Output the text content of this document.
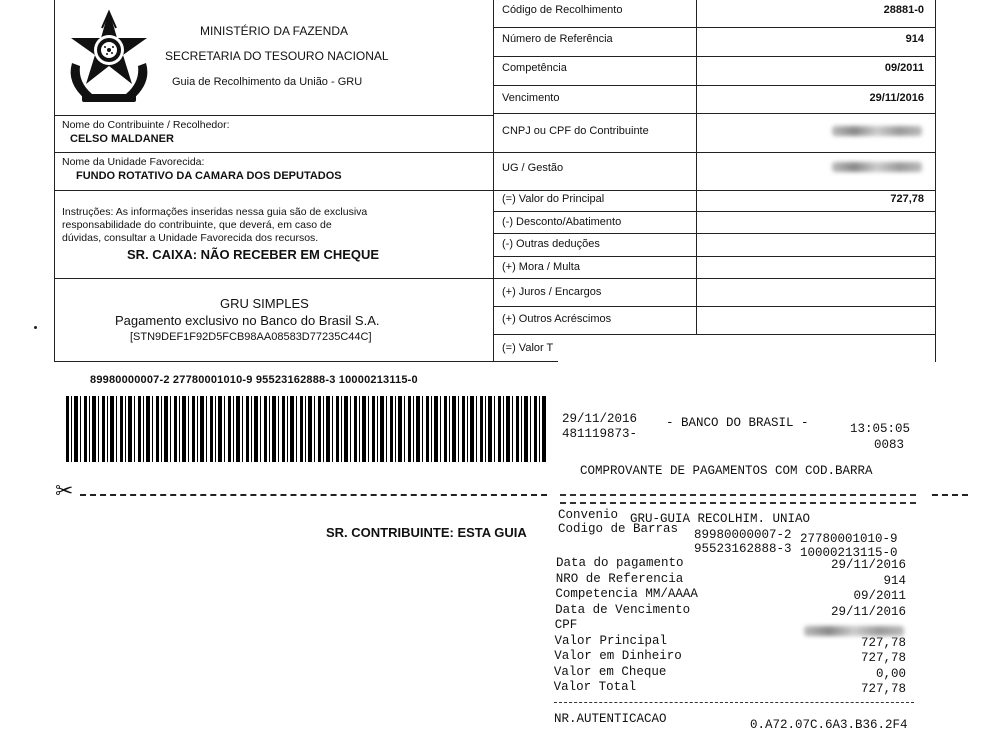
MINISTÉRIO DA FAZENDA
SECRETARIA DO TESOURO NACIONAL
Guia de Recolhimento da União - GRU
Nome do Contribuinte / Recolhedor:
CELSO MALDANER
Nome da Unidade Favorecida:
FUNDO ROTATIVO DA CAMARA DOS DEPUTADOS
Instruções: As informações inseridas nessa guia são de exclusiva
responsabilidade do contribuinte, que deverá, em caso de
dúvidas, consultar a Unidade Favorecida dos recursos.
SR. CAIXA: NÃO RECEBER EM CHEQUE
GRU SIMPLES
Pagamento exclusivo no Banco do Brasil S.A.
[STN9DEF1F92D5FCB98AA08583D77235C44C]
Código de Recolhimento	28881-0
Número de Referência	914
Competência	09/2011
Vencimento	29/11/2016
CNPJ ou CPF do Contribuinte
UG / Gestão
(=) Valor do Principal	727,78
(-) Desconto/Abatimento
(-) Outras deduções
(+) Mora / Multa
(+) Juros / Encargos
(+) Outros Acréscimos
(=) Valor T
89980000007-2 27780001010-9 95523162888-3 10000213115-0
✂
SR. CONTRIBUINTE: ESTA GUIA
29/11/2016 - BANCO DO BRASIL -	13:05:05
481119873-
0083
COMPROVANTE DE PAGAMENTOS COM COD.BARRA
Convenio GRU-GUIA RECOLHIM. UNIAO
Codigo de Barras 89980000007-2 27780001010-9
95523162888-3 10000213115-0
Data do pagamento	29/11/2016
NRO de Referencia	914
Competencia MM/AAAA	09/2011
Data de Vencimento	29/11/2016
CPF
Valor Principal	727,78
Valor em Dinheiro	727,78
Valor em Cheque	0,00
Valor Total	727,78
NR.AUTENTICACAO	0.A72.07C.6A3.B36.2F4
